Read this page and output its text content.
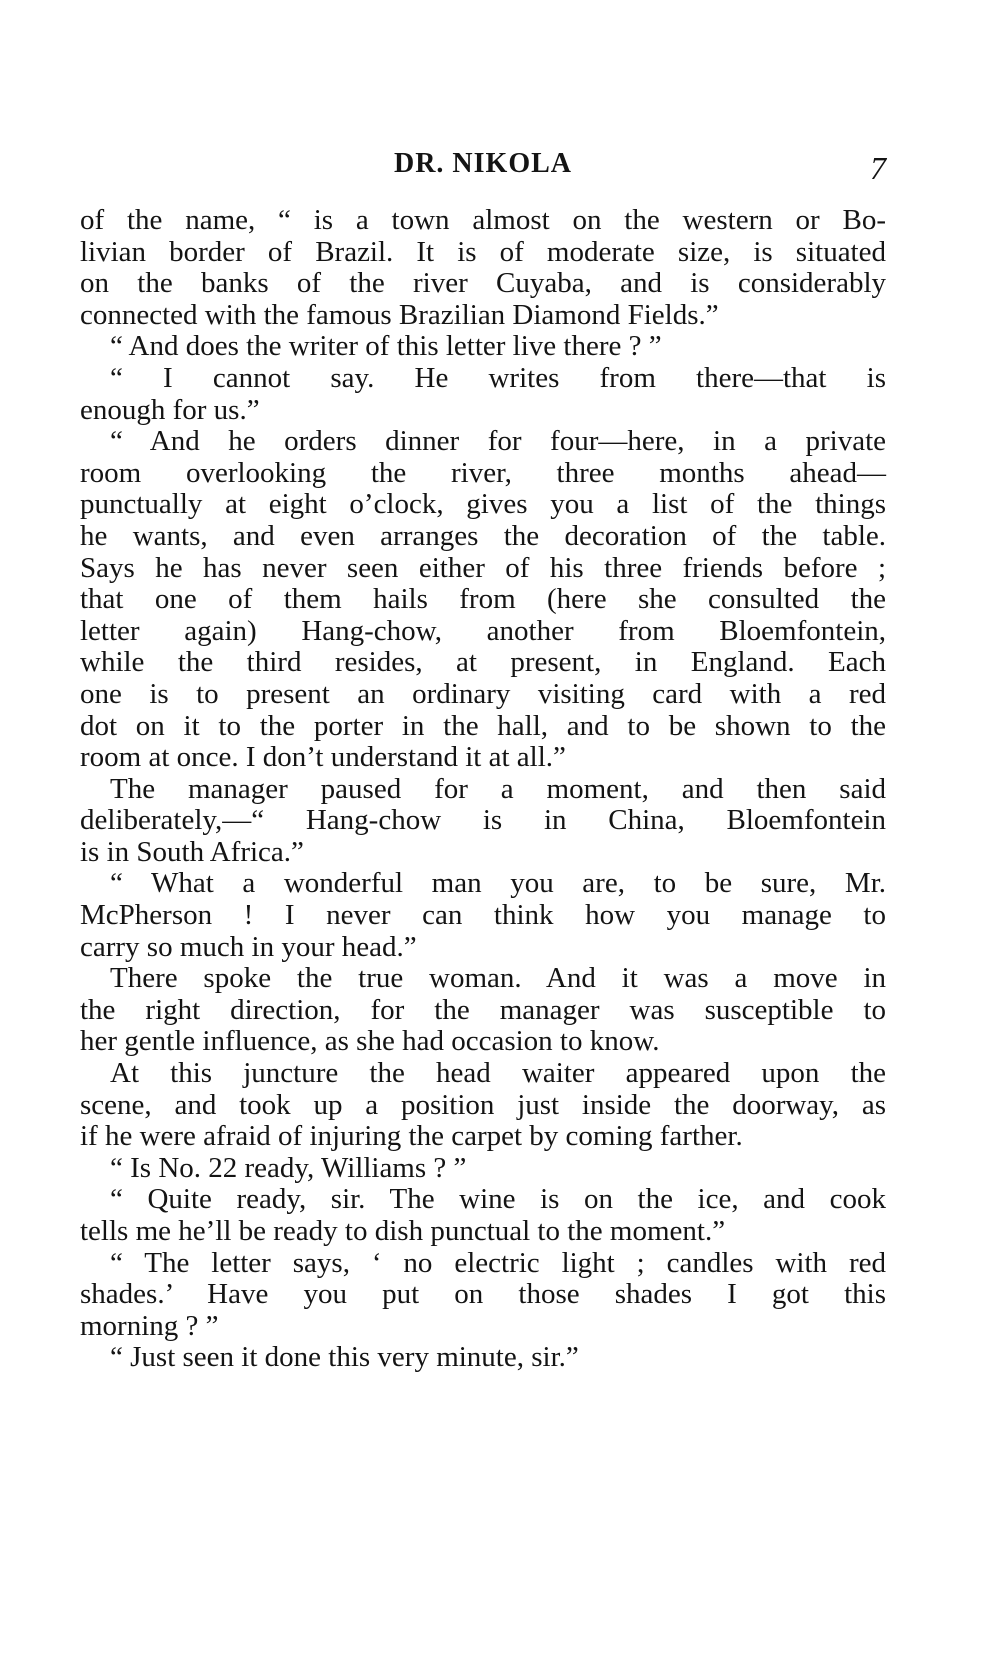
DR. NIKOLA	7
of the name, “ is a town almost on the western or Bo-
livian border of Brazil. It is of moderate size, is situated
on the banks of the river Cuyaba, and is considerably
connected with the famous Brazilian Diamond Fields.”
“ And does the writer of this letter live there ? ”
“ I cannot say. He writes from there—that is
enough for us.”
“ And he orders dinner for four—here, in a private
room overlooking the river, three months ahead—
punctually at eight o’clock, gives you a list of the things
he wants, and even arranges the decoration of the table.
Says he has never seen either of his three friends before ;
that one of them hails from (here she consulted the
letter again) Hang-chow, another from Bloemfontein,
while the third resides, at present, in England. Each
one is to present an ordinary visiting card with a red
dot on it to the porter in the hall, and to be shown to the
room at once. I don’t understand it at all.”
The manager paused for a moment, and then said
deliberately,—“ Hang-chow is in China, Bloemfontein
is in South Africa.”
“ What a wonderful man you are, to be sure, Mr.
McPherson ! I never can think how you manage to
carry so much in your head.”
There spoke the true woman. And it was a move in
the right direction, for the manager was susceptible to
her gentle influence, as she had occasion to know.
At this juncture the head waiter appeared upon the
scene, and took up a position just inside the doorway, as
if he were afraid of injuring the carpet by coming farther.
“ Is No. 22 ready, Williams ? ”
“ Quite ready, sir. The wine is on the ice, and cook
tells me he’ll be ready to dish punctual to the moment.”
“ The letter says, ‘ no electric light ; candles with red
shades.’ Have you put on those shades I got this
morning ? ”
“ Just seen it done this very minute, sir.”
